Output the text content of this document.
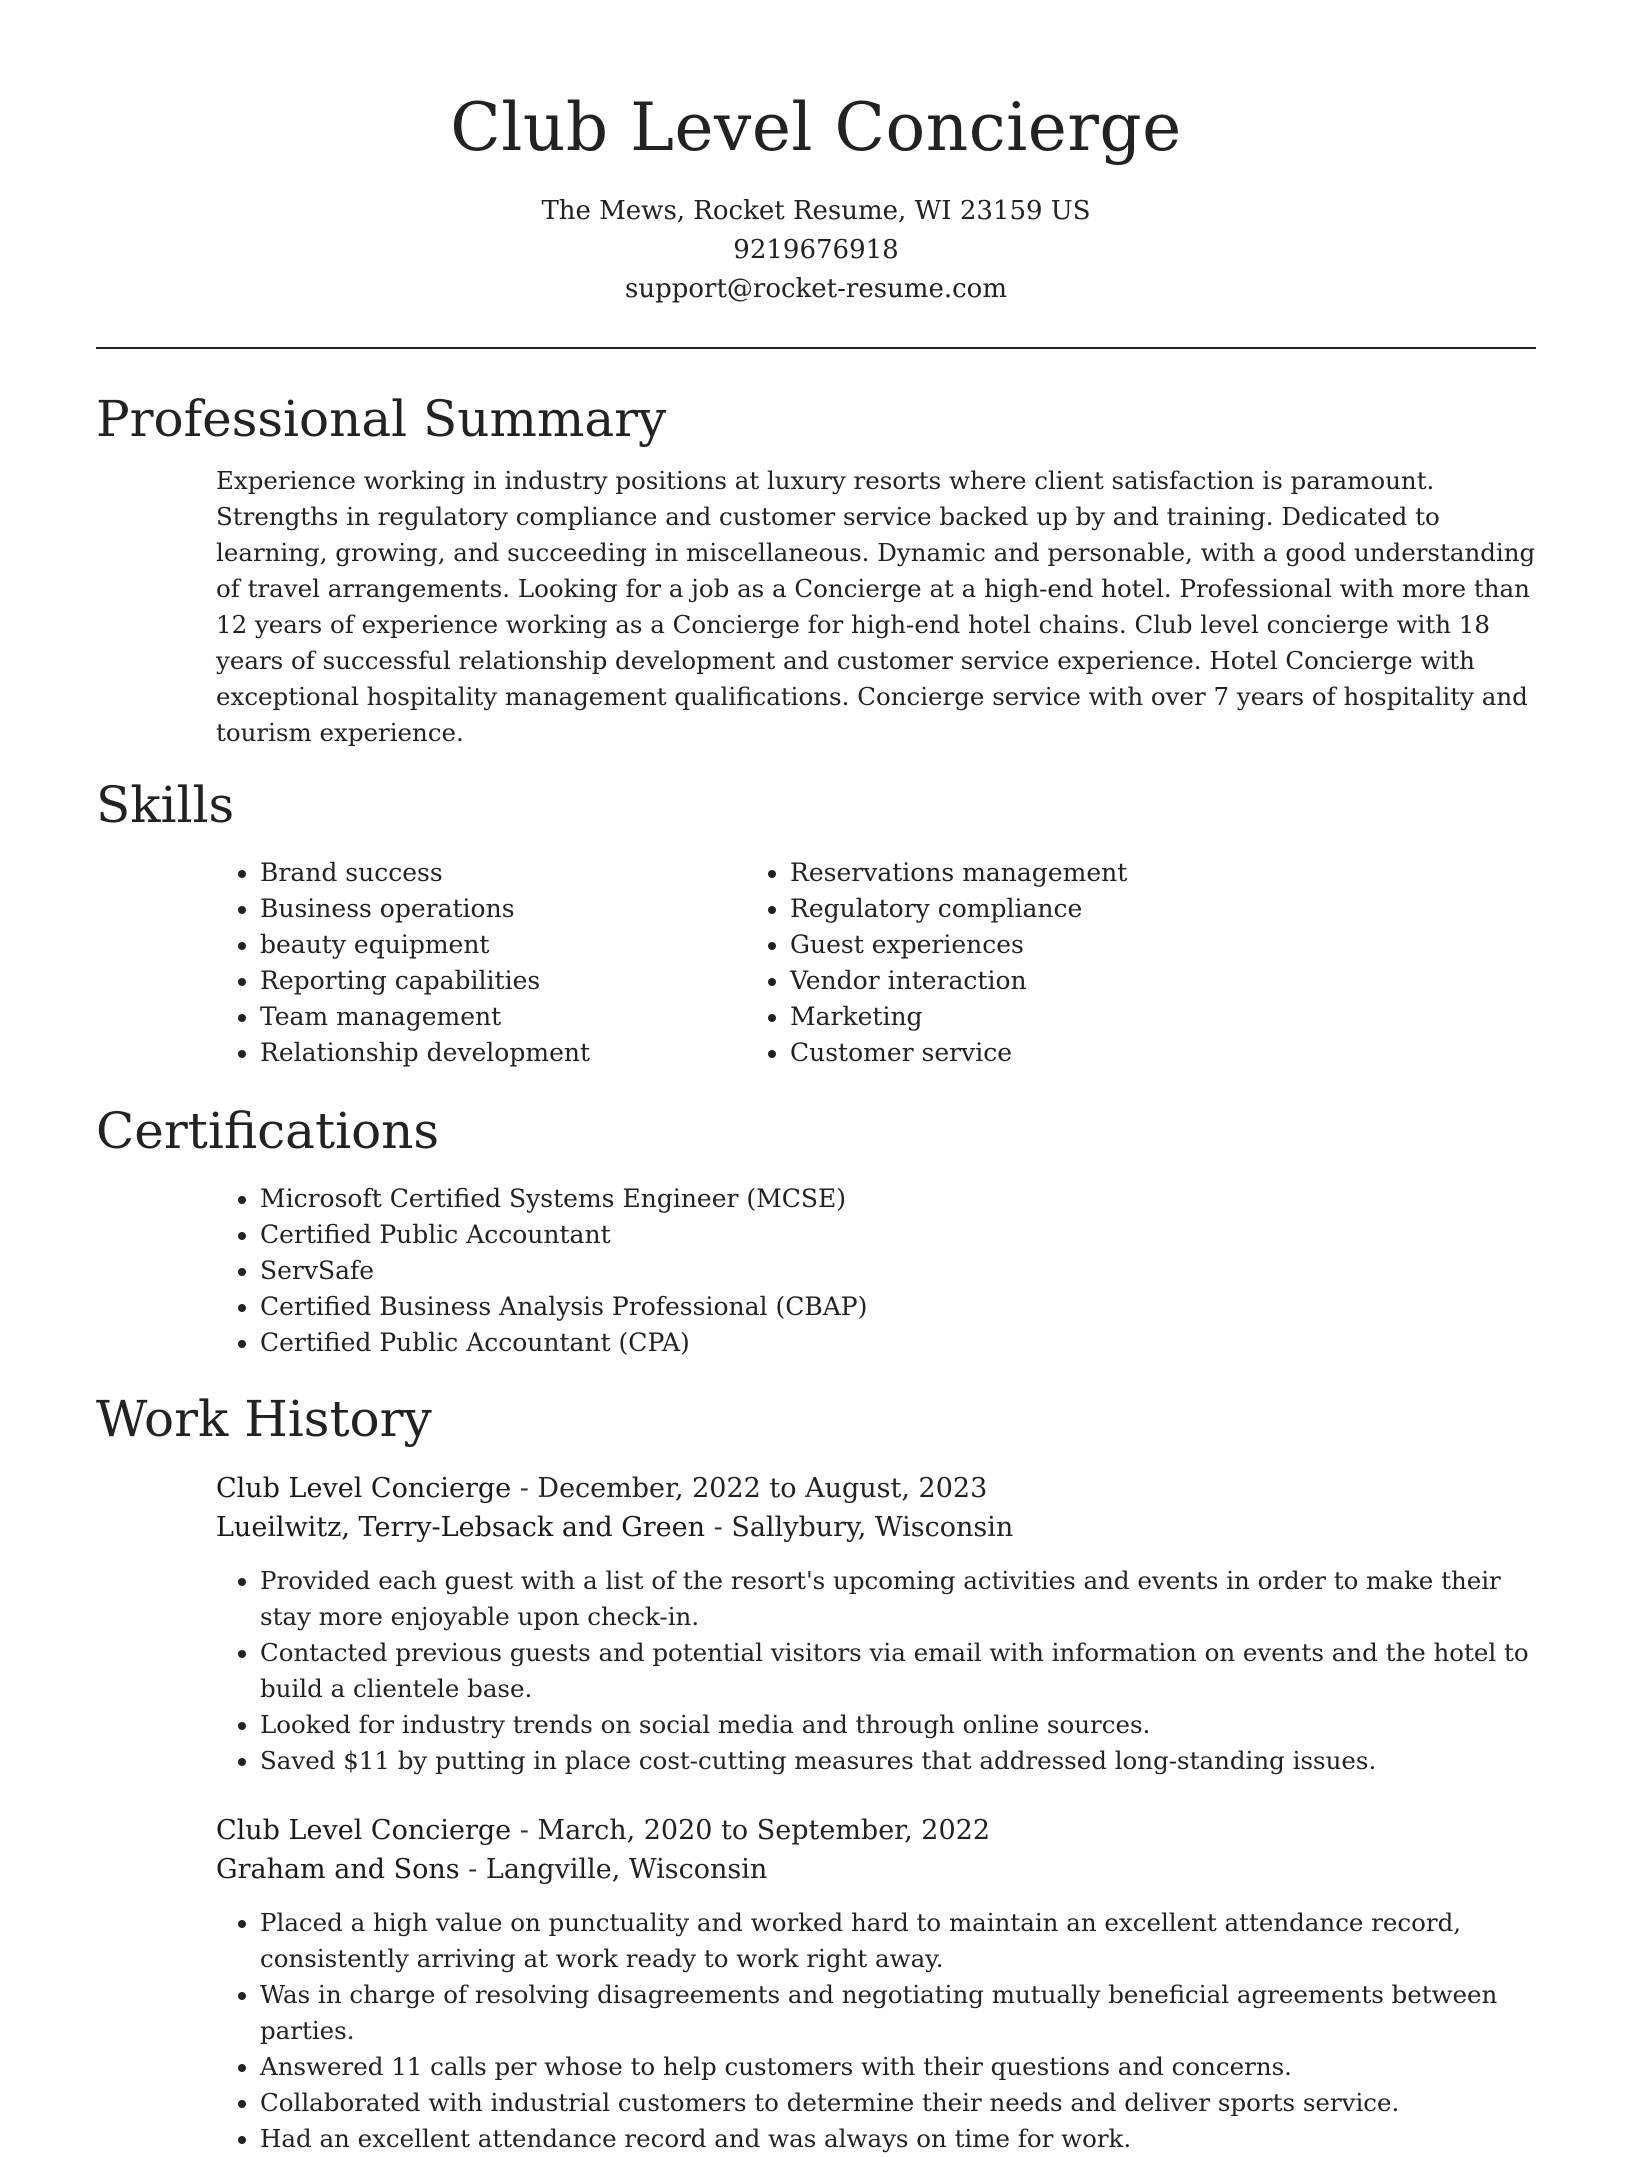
Club Level Concierge

The Mews, Rocket Resume, WI 23159 US

9219676918

support@rocket-resume.com

Professional Summary

Experience working in industry positions at luxury resorts where client satisfaction is paramount. Strengths in regulatory compliance and customer service backed up by and training. Dedicated to learning, growing, and succeeding in miscellaneous. Dynamic and personable, with a good understanding of travel arrangements. Looking for a job as a Concierge at a high-end hotel. Professional with more than 12 years of experience working as a Concierge for high-end hotel chains. Club level concierge with 18 years of successful relationship development and customer service experience. Hotel Concierge with exceptional hospitality management qualifications. Concierge service with over 7 years of hospitality and tourism experience.

Skills
• Brand success
• Business operations
• beauty equipment
• Reporting capabilities
• Team management
• Relationship development
• Reservations management
• Regulatory compliance
• Guest experiences
• Vendor interaction
• Marketing
• Customer service
Certifications
• Microsoft Certified Systems Engineer (MCSE)
• Certified Public Accountant
• ServSafe
• Certified Business Analysis Professional (CBAP)
• Certified Public Accountant (CPA)
Work History
Club Level Concierge - December, 2022 to August, 2023
Lueilwitz, Terry-Lebsack and Green - Sallybury, Wisconsin
• Provided each guest with a list of the resort's upcoming activities and events in order to make their stay more enjoyable upon check-in.
• Contacted previous guests and potential visitors via email with information on events and the hotel to build a clientele base.
• Looked for industry trends on social media and through online sources.
• Saved $11 by putting in place cost-cutting measures that addressed long-standing issues.
Club Level Concierge - March, 2020 to September, 2022
Graham and Sons - Langville, Wisconsin
• Placed a high value on punctuality and worked hard to maintain an excellent attendance record, consistently arriving at work ready to work right away.
• Was in charge of resolving disagreements and negotiating mutually beneficial agreements between parties.
• Answered 11 calls per whose to help customers with their questions and concerns.
• Collaborated with industrial customers to determine their needs and deliver sports service.
• Had an excellent attendance record and was always on time for work.
